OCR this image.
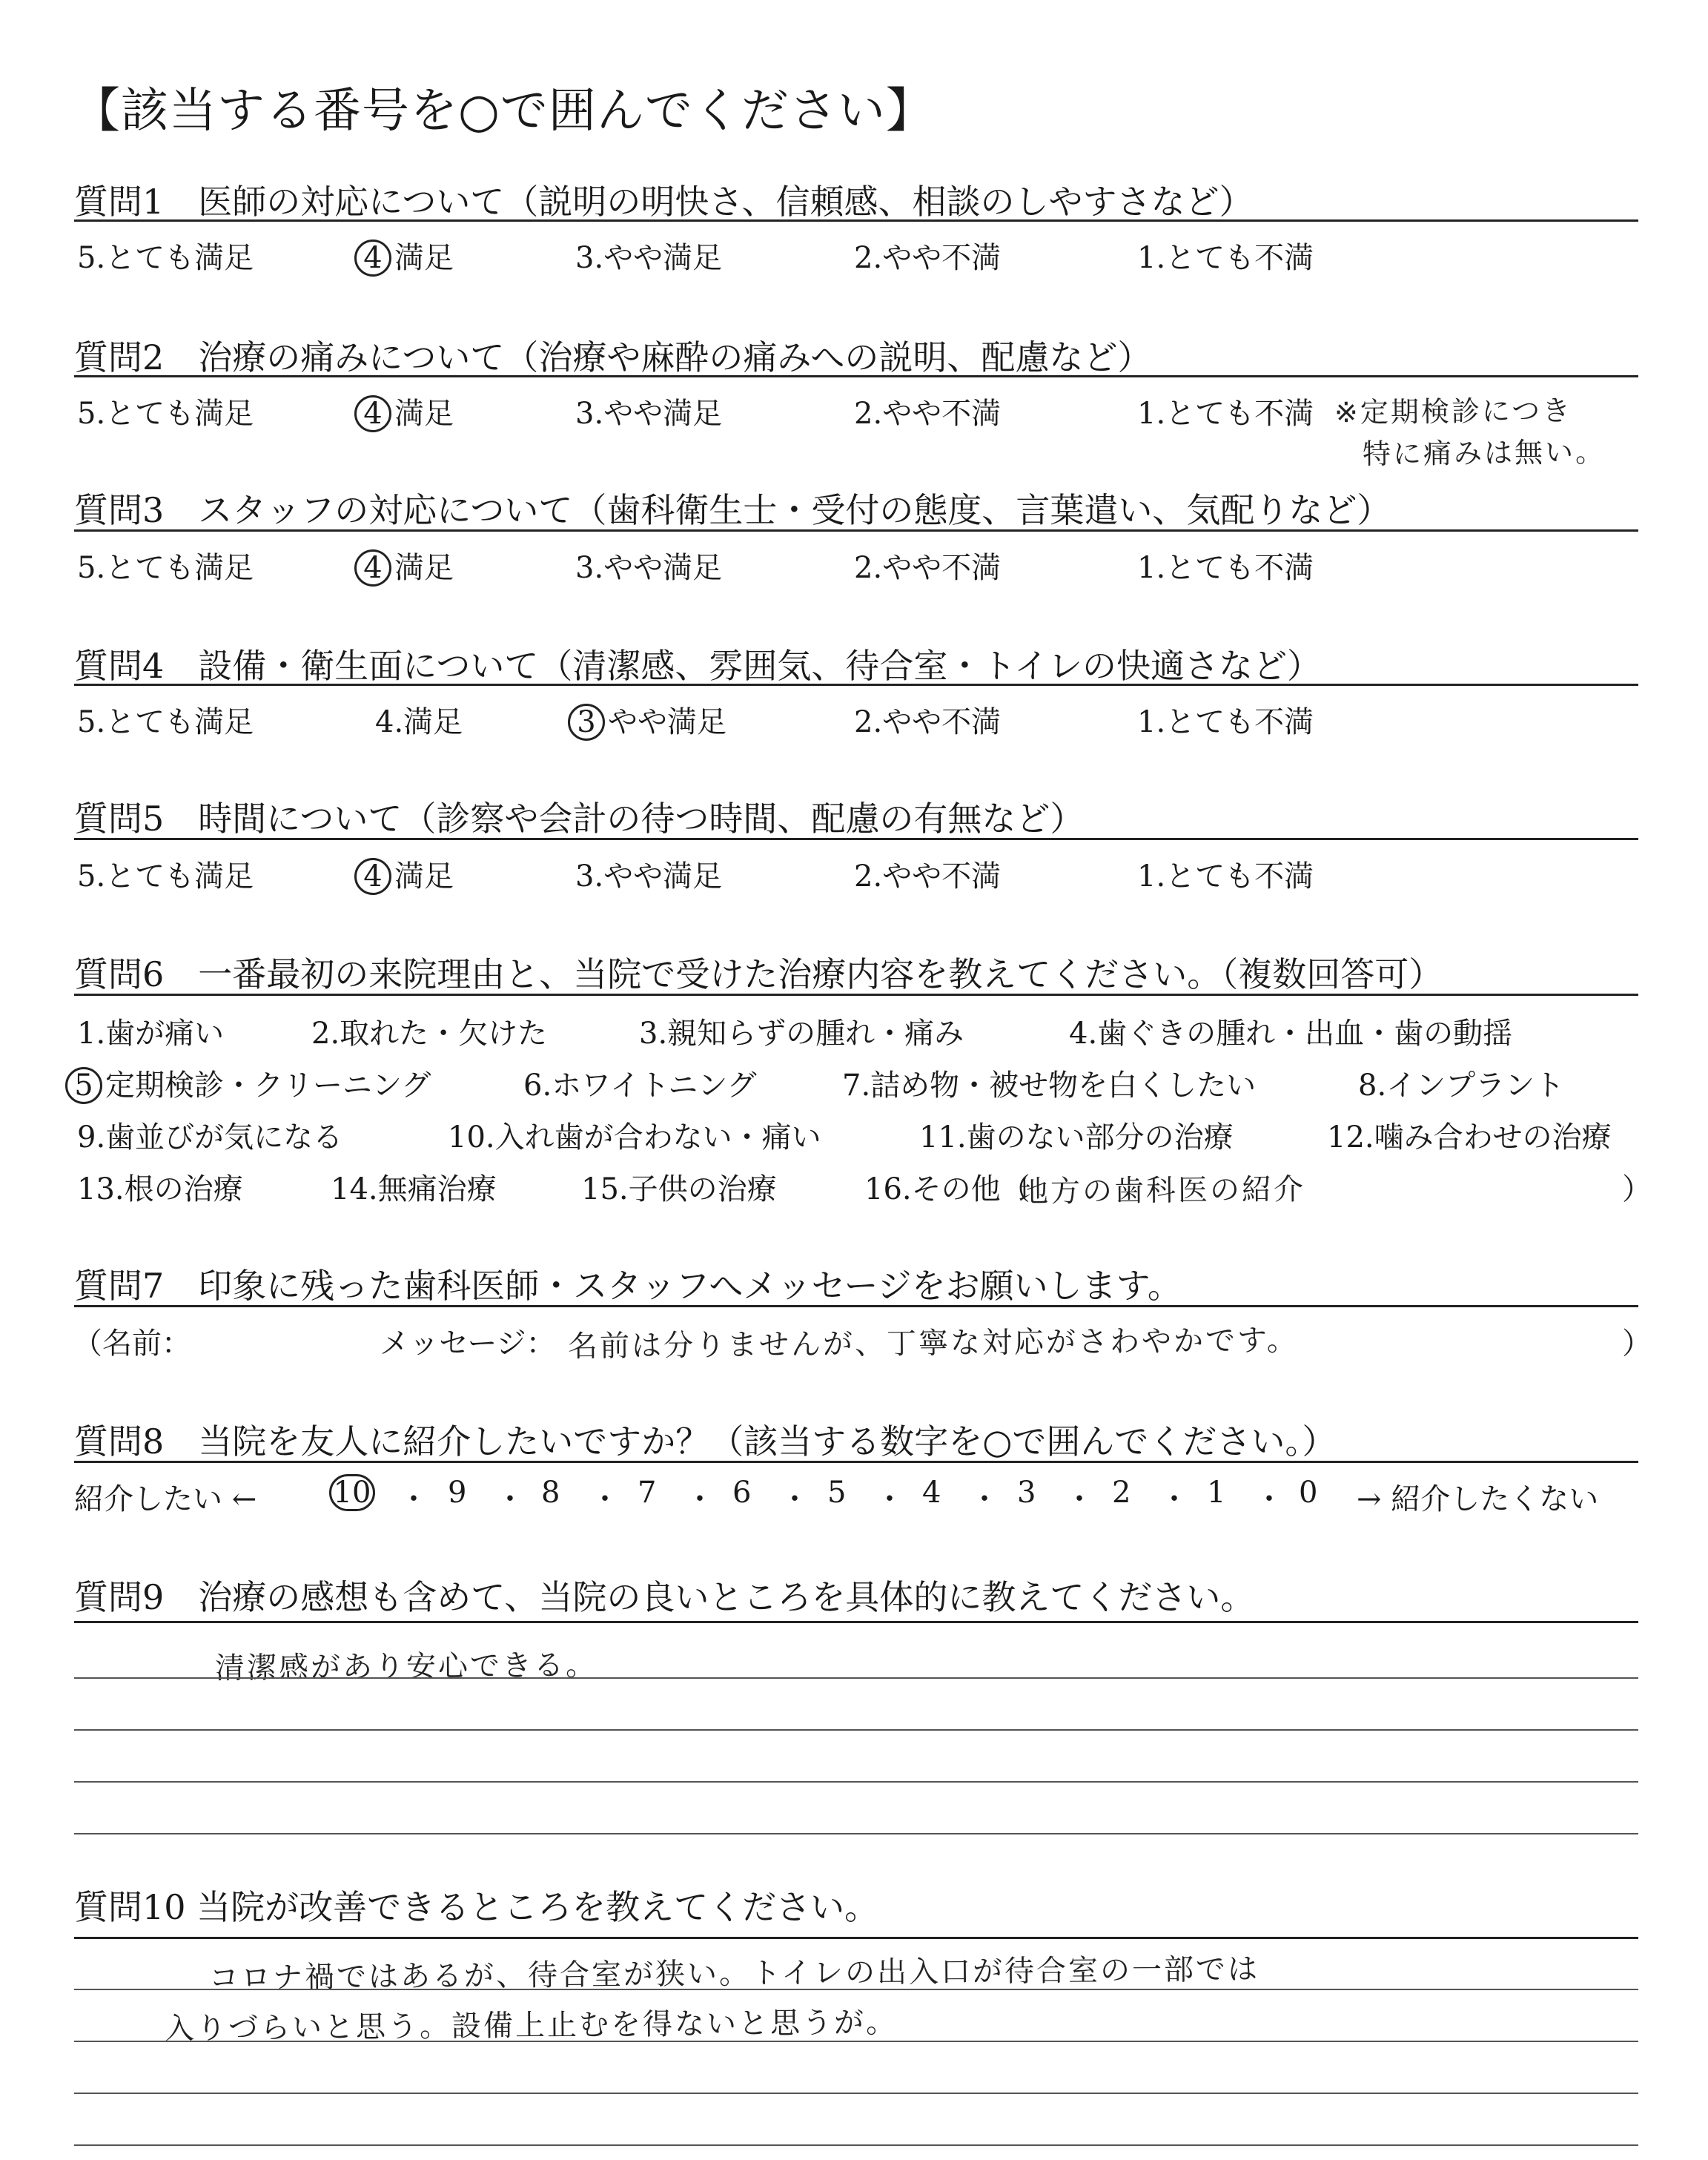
【該当する番号を○で囲んでください】
質問1　医師の対応について（説明の明快さ、信頼感、相談のしやすさなど）
5.とても満足	4 満足	3.やや満足	2.やや不満	1.とても不満
質問2　治療の痛みについて（治療や麻酔の痛みへの説明、配慮など）
5.とても満足	4 満足	3.やや満足	2.やや不満	1.とても不満 ※定期検診につき
特に痛みは無い。
質問3　スタッフの対応について（歯科衛生士・受付の態度、言葉遣い、気配りなど）
5.とても満足	4 満足	3.やや満足	2.やや不満	1.とても不満
質問4　設備・衛生面について（清潔感、雰囲気、待合室・トイレの快適さなど）
5.とても満足	4.満足	3 やや満足	2.やや不満	1.とても不満
質問5　時間について（診察や会計の待つ時間、配慮の有無など）
5.とても満足	4 満足	3.やや満足	2.やや不満	1.とても不満
質問6　一番最初の来院理由と、当院で受けた治療内容を教えてください。（複数回答可）
1.歯が痛い	2.取れた・欠けた	3.親知らずの腫れ・痛み	4.歯ぐきの腫れ・出血・歯の動揺
5 定期検診・クリーニング	6.ホワイトニング	7.詰め物・被せ物を白くしたい	8.インプラント
9.歯並びが気になる	10.入れ歯が合わない・痛い	11.歯のない部分の治療	12.噛み合わせの治療
13.根の治療	14.無痛治療	15.子供の治療	16.その他（
地方の歯科医の紹介	）
質問7　印象に残った歯科医師・スタッフへメッセージをお願いします。
（名前：	メッセージ： 名前は分りませんが、丁寧な対応がさわやかです。	）
質問8　当院を友人に紹介したいですか？（該当する数字を○で囲んでください。）
紹介したい ←	10 ・ 9 ・ 8 ・ 7 ・ 6 ・ 5 ・ 4 ・ 3 ・ 2 ・ 1 ・ 0 → 紹介したくない
質問9　治療の感想も含めて、当院の良いところを具体的に教えてください。
清潔感があり安心できる。
質問10 当院が改善できるところを教えてください。
コロナ禍ではあるが、待合室が狭い。トイレの出入口が待合室の一部では
入りづらいと思う。設備上止むを得ないと思うが。
